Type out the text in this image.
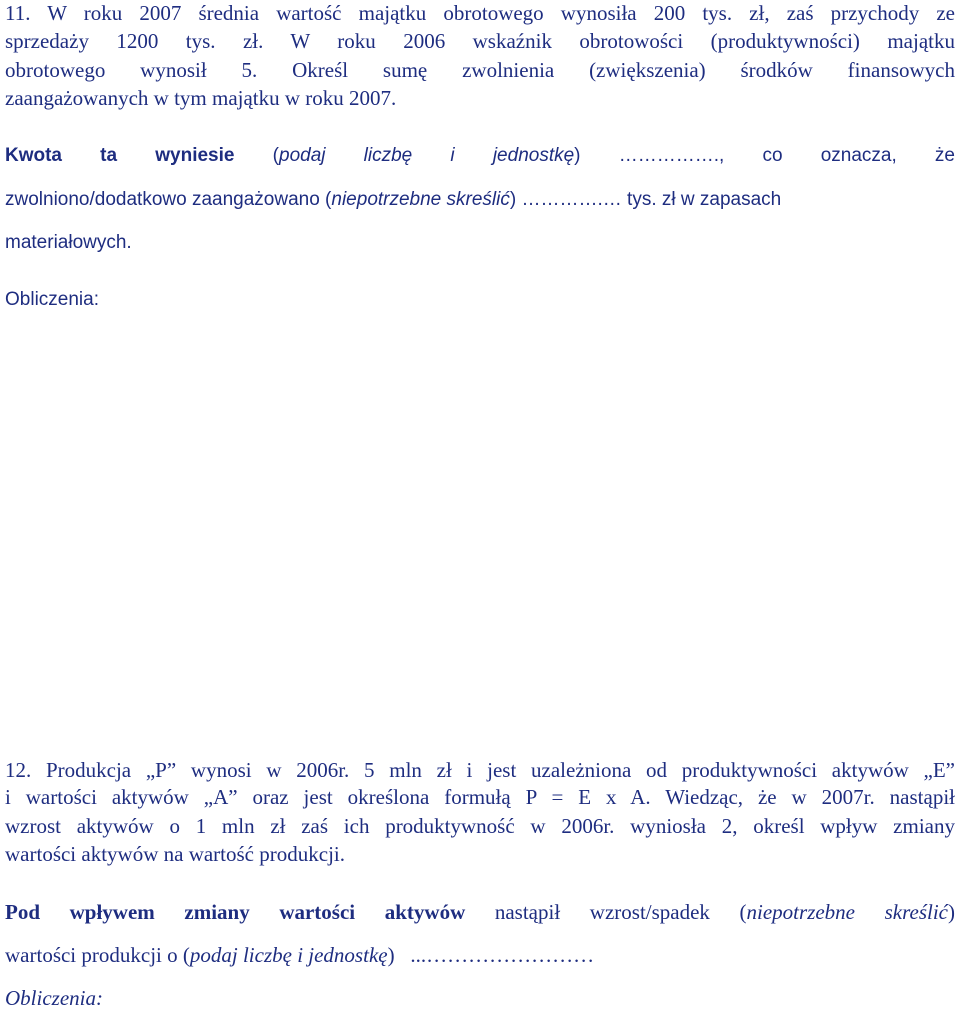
11. W roku 2007 średnia wartość majątku obrotowego wynosiła 200 tys. zł, zaś przychody ze
sprzedaży 1200 tys. zł. W roku 2006 wskaźnik obrotowości (produktywności) majątku
obrotowego wynosił 5. Określ sumę zwolnienia (zwiększenia) środków finansowych
zaangażowanych w tym majątku w roku 2007.
Kwota ta wyniesie (podaj liczbę i jednostkę) ……………., co oznacza, że
zwolniono/dodatkowo zaangażowano (niepotrzebne skreślić) ………….… tys. zł w zapasach
materiałowych.
Obliczenia:
12. Produkcja „P” wynosi w 2006r. 5 mln zł i jest uzależniona od produktywności aktywów „E”
i wartości aktywów „A” oraz jest określona formułą P = E x A. Wiedząc, że w 2007r. nastąpił
wzrost aktywów o 1 mln zł zaś ich produktywność w 2006r. wyniosła 2, określ wpływ zmiany
wartości aktywów na wartość produkcji.
Pod wpływem zmiany wartości aktywów nastąpił wzrost/spadek (niepotrzebne skreślić)
wartości produkcji o (podaj liczbę i jednostkę) ...……………………
Obliczenia:
